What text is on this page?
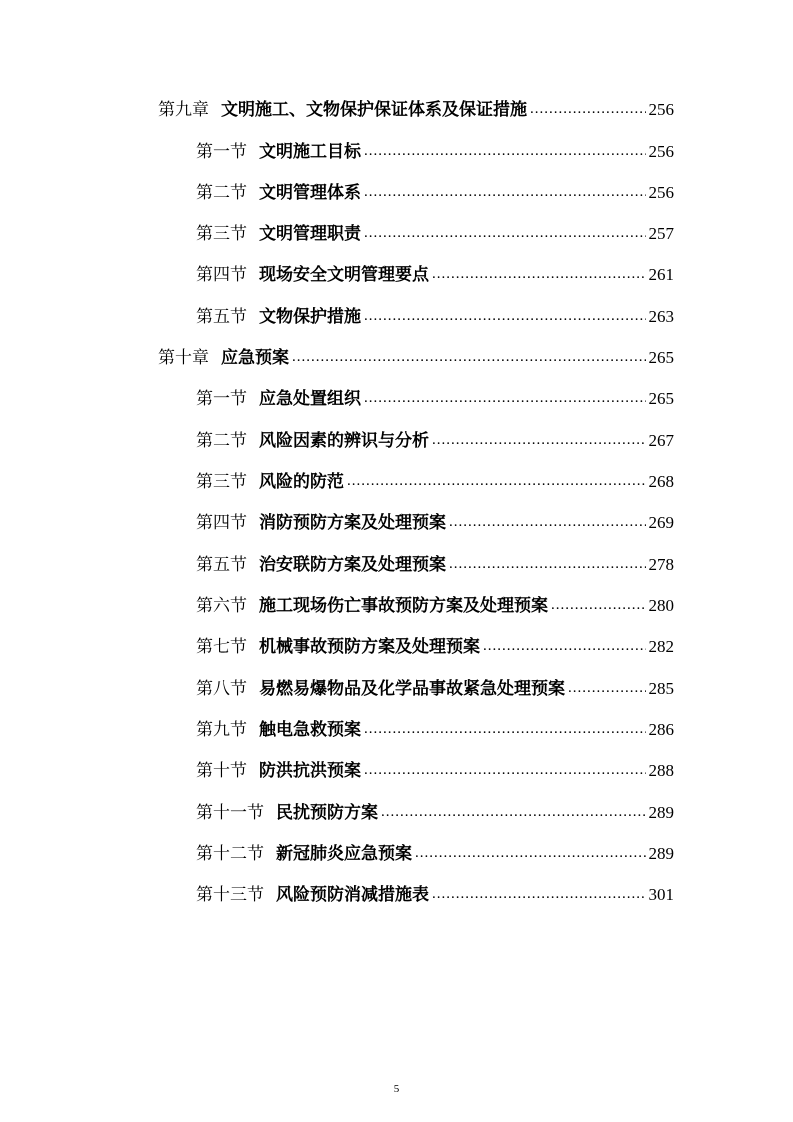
第九章 文明施工、文物保护保证体系及保证措施 .....	256
第一节 文明施工目标 .....	256
第二节 文明管理体系 .....	256
第三节 文明管理职责 .....	257
第四节 现场安全文明管理要点 .....	261
第五节 文物保护措施 .....	263
第十章 应急预案 .....	265
第一节 应急处置组织 .....	265
第二节 风险因素的辨识与分析 .....	267
第三节 风险的防范 .....	268
第四节 消防预防方案及处理预案 .....	269
第五节 治安联防方案及处理预案 .....	278
第六节 施工现场伤亡事故预防方案及处理预案 .....	280
第七节 机械事故预防方案及处理预案 .....	282
第八节 易燃易爆物品及化学品事故紧急处理预案 .....	285
第九节 触电急救预案 .....	286
第十节 防洪抗洪预案 .....	288
第十一节 民扰预防方案 .....	289
第十二节 新冠肺炎应急预案 .....	289
第十三节 风险预防消减措施表 .....	301
5
